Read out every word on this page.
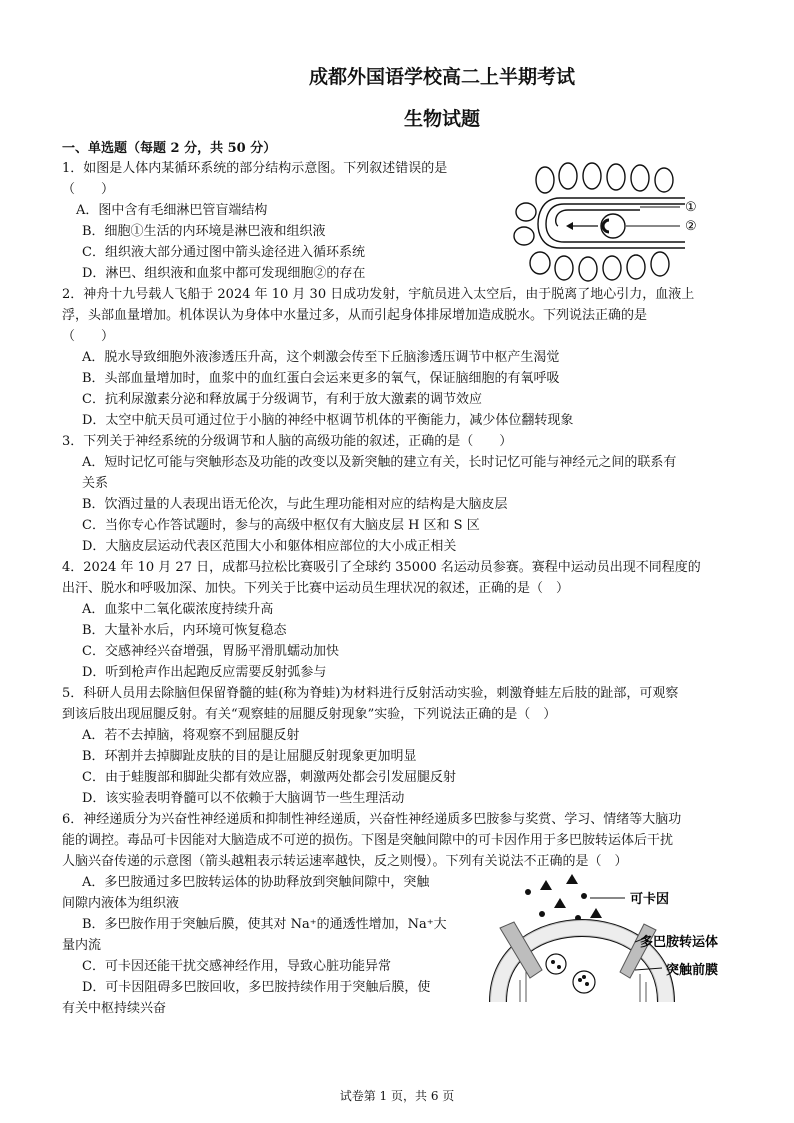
成都外国语学校高二上半期考试
生物试题
一、单选题（每题 2 分，共 50 分）
1．如图是人体内某循环系统的部分结构示意图。下列叙述错误的是
（　　）
A．图中含有毛细淋巴管盲端结构
B．细胞①生活的内环境是淋巴液和组织液
C．组织液大部分通过图中箭头途径进入循环系统
D．淋巴、组织液和血浆中都可发现细胞②的存在
①
②
2．神舟十九号载人飞船于 2024 年 10 月 30 日成功发射，宇航员进入太空后，由于脱离了地心引力，血液上
浮，头部血量增加。机体误认为身体中水量过多，从而引起身体排尿增加造成脱水。下列说法正确的是
（　　）
A．脱水导致细胞外液渗透压升高，这个刺激会传至下丘脑渗透压调节中枢产生渴觉
B．头部血量增加时，血浆中的血红蛋白会运来更多的氧气，保证脑细胞的有氧呼吸
C．抗利尿激素分泌和释放属于分级调节，有利于放大激素的调节效应
D．太空中航天员可通过位于小脑的神经中枢调节机体的平衡能力，减少体位翻转现象
3．下列关于神经系统的分级调节和人脑的高级功能的叙述，正确的是（　　）
A．短时记忆可能与突触形态及功能的改变以及新突触的建立有关，长时记忆可能与神经元之间的联系有
关系
B．饮酒过量的人表现出语无伦次，与此生理功能相对应的结构是大脑皮层
C．当你专心作答试题时，参与的高级中枢仅有大脑皮层 H 区和 S 区
D．大脑皮层运动代表区范围大小和躯体相应部位的大小成正相关
4．2024 年 10 月 27 日，成都马拉松比赛吸引了全球约 35000 名运动员参赛。赛程中运动员出现不同程度的
出汗、脱水和呼吸加深、加快。下列关于比赛中运动员生理状况的叙述，正确的是（　）
A．血浆中二氧化碳浓度持续升高
B．大量补水后，内环境可恢复稳态
C．交感神经兴奋增强，胃肠平滑肌蠕动加快
D．听到枪声作出起跑反应需要反射弧参与
5．科研人员用去除脑但保留脊髓的蛙(称为脊蛙)为材料进行反射活动实验，刺激脊蛙左后肢的趾部，可观察
到该后肢出现屈腿反射。有关“观察蛙的屈腿反射现象”实验，下列说法正确的是（　）
A．若不去掉脑，将观察不到屈腿反射
B．环割并去掉脚趾皮肤的目的是让屈腿反射现象更加明显
C．由于蛙腹部和脚趾尖都有效应器，刺激两处都会引发屈腿反射
D．该实验表明脊髓可以不依赖于大脑调节一些生理活动
6．神经递质分为兴奋性神经递质和抑制性神经递质，兴奋性神经递质多巴胺参与奖赏、学习、情绪等大脑功
能的调控。毒品可卡因能对大脑造成不可逆的损伤。下图是突触间隙中的可卡因作用于多巴胺转运体后干扰
人脑兴奋传递的示意图（箭头越粗表示转运速率越快，反之则慢）。下列有关说法不正确的是（　）
A．多巴胺通过多巴胺转运体的协助释放到突触间隙中，突触
间隙内液体为组织液
B．多巴胺作用于突触后膜，使其对 Na⁺的通透性增加，Na⁺大
量内流
C．可卡因还能干扰交感神经作用，导致心脏功能异常
D．可卡因阻碍多巴胺回收，多巴胺持续作用于突触后膜，使
有关中枢持续兴奋
可卡因
多巴胺转运体
突触前膜
试卷第 1 页，共 6 页
